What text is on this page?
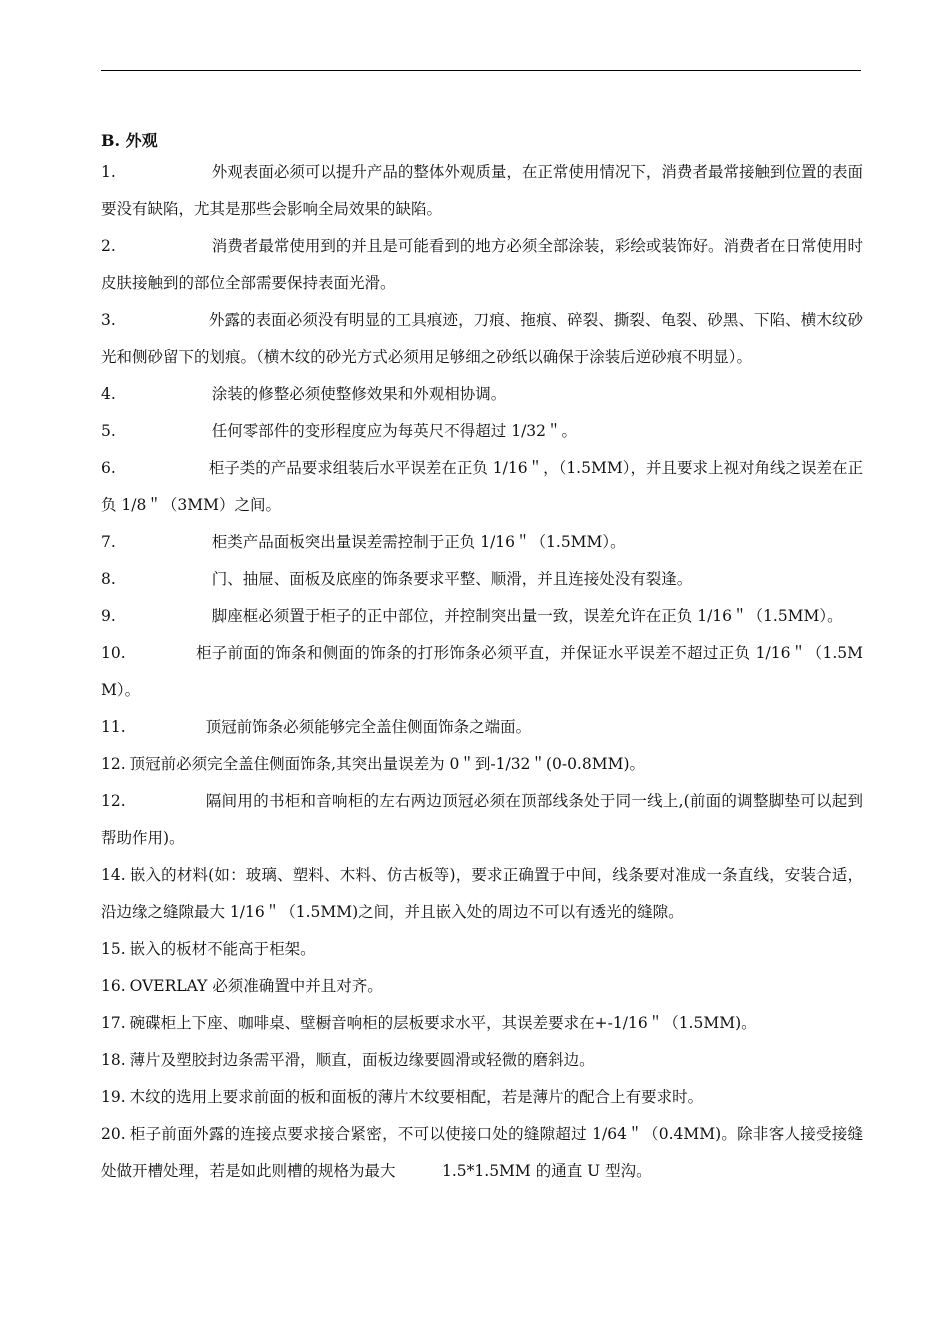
B. 外观

1.	外观表面必须可以提升产品的整体外观质量，在正常使用情况下，消费者最常接触到位置的表面要没有缺陷，尤其是那些会影响全局效果的缺陷。

2.	消费者最常使用到的并且是可能看到的地方必须全部涂装，彩绘或装饰好。消费者在日常使用时皮肤接触到的部位全部需要保持表面光滑。

3.	外露的表面必须没有明显的工具痕迹，刀痕、拖痕、碎裂、撕裂、龟裂、砂黑、下陷、横木纹砂光和侧砂留下的划痕。（横木纹的砂光方式必须用足够细之砂纸以确保于涂装后逆砂痕不明显）。

4.	涂装的修整必须使整修效果和外观相协调。

5.	任何零部件的变形程度应为每英尺不得超过 1/32＂。

6.	柜子类的产品要求组装后水平误差在正负 1/16＂，（1.5MM），并且要求上视对角线之误差在正负 1/8＂（3MM）之间。

7.	柜类产品面板突出量误差需控制于正负 1/16＂（1.5MM）。

8.	门、抽屉、面板及底座的饰条要求平整、顺滑，并且连接处没有裂逢。

9.	脚座框必须置于柜子的正中部位，并控制突出量一致，误差允许在正负 1/16＂（1.5MM）。

10.	柜子前面的饰条和侧面的饰条的打形饰条必须平直，并保证水平误差不超过正负 1/16＂（1.5MM）。

11.	顶冠前饰条必须能够完全盖住侧面饰条之端面。

12. 顶冠前必须完全盖住侧面饰条,其突出量误差为 0＂到-1/32＂(0-0.8MM)。

12.	隔间用的书柜和音响柜的左右两边顶冠必须在顶部线条处于同一线上,(前面的调整脚垫可以起到帮助作用)。

14. 嵌入的材料(如：玻璃、塑料、木料、仿古板等)，要求正确置于中间，线条要对准成一条直线，安装合适，沿边缘之缝隙最大 1/16＂（1.5MM)之间，并且嵌入处的周边不可以有透光的缝隙。

15. 嵌入的板材不能高于柜架。

16. OVERLAY 必须准确置中并且对齐。

17. 碗碟柜上下座、咖啡桌、壁橱音响柜的层板要求水平，其误差要求在+-1/16＂（1.5MM)。

18. 薄片及塑胶封边条需平滑，顺直，面板边缘要圆滑或轻微的磨斜边。

19. 木纹的选用上要求前面的板和面板的薄片木纹要相配，若是薄片的配合上有要求时。

20. 柜子前面外露的连接点要求接合紧密，不可以使接口处的缝隙超过 1/64＂（0.4MM)。除非客人接受接缝处做开槽处理，若是如此则槽的规格为最大　　　1.5*1.5MM 的通直 U 型沟。
